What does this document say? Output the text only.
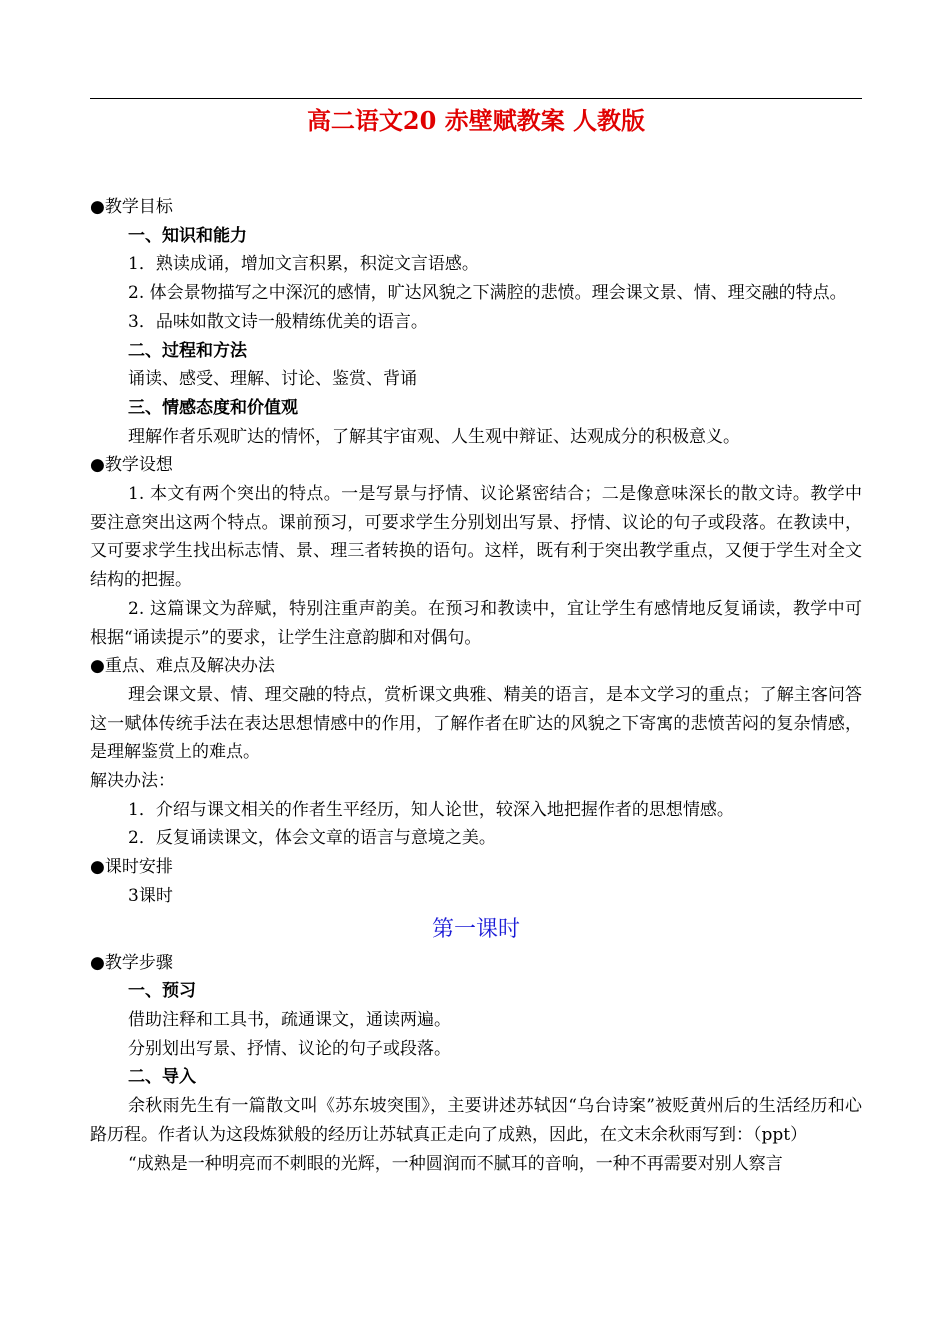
高二语文20 赤壁赋教案 人教版

●教学目标

一、知识和能力

1．熟读成诵，增加文言积累，积淀文言语感。

2. 体会景物描写之中深沉的感情，旷达风貌之下满腔的悲愤。理会课文景、情、理交融的特点。

3．品味如散文诗一般精练优美的语言。

二、过程和方法

诵读、感受、理解、讨论、鉴赏、背诵

三、情感态度和价值观

理解作者乐观旷达的情怀，了解其宇宙观、人生观中辩证、达观成分的积极意义。

●教学设想

1. 本文有两个突出的特点。一是写景与抒情、议论紧密结合；二是像意味深长的散文诗。教学中要注意突出这两个特点。课前预习，可要求学生分别划出写景、抒情、议论的句子或段落。在教读中，又可要求学生找出标志情、景、理三者转换的语句。这样，既有利于突出教学重点，又便于学生对全文结构的把握。

2. 这篇课文为辞赋，特别注重声韵美。在预习和教读中，宜让学生有感情地反复诵读，教学中可根据“诵读提示”的要求，让学生注意韵脚和对偶句。

●重点、难点及解决办法

理会课文景、情、理交融的特点，赏析课文典雅、精美的语言，是本文学习的重点；了解主客问答这一赋体传统手法在表达思想情感中的作用，了解作者在旷达的风貌之下寄寓的悲愤苦闷的复杂情感，是理解鉴赏上的难点。

解决办法：

1．介绍与课文相关的作者生平经历，知人论世，较深入地把握作者的思想情感。

2．反复诵读课文，体会文章的语言与意境之美。

●课时安排

3课时

第一课时

●教学步骤

一、预习

借助注释和工具书，疏通课文，通读两遍。

分别划出写景、抒情、议论的句子或段落。

二、导入

余秋雨先生有一篇散文叫《苏东坡突围》，主要讲述苏轼因“乌台诗案”被贬黄州后的生活经历和心路历程。作者认为这段炼狱般的经历让苏轼真正走向了成熟，因此，在文末余秋雨写到：（ppt）

“成熟是一种明亮而不刺眼的光辉，一种圆润而不腻耳的音响，一种不再需要对别人察言
